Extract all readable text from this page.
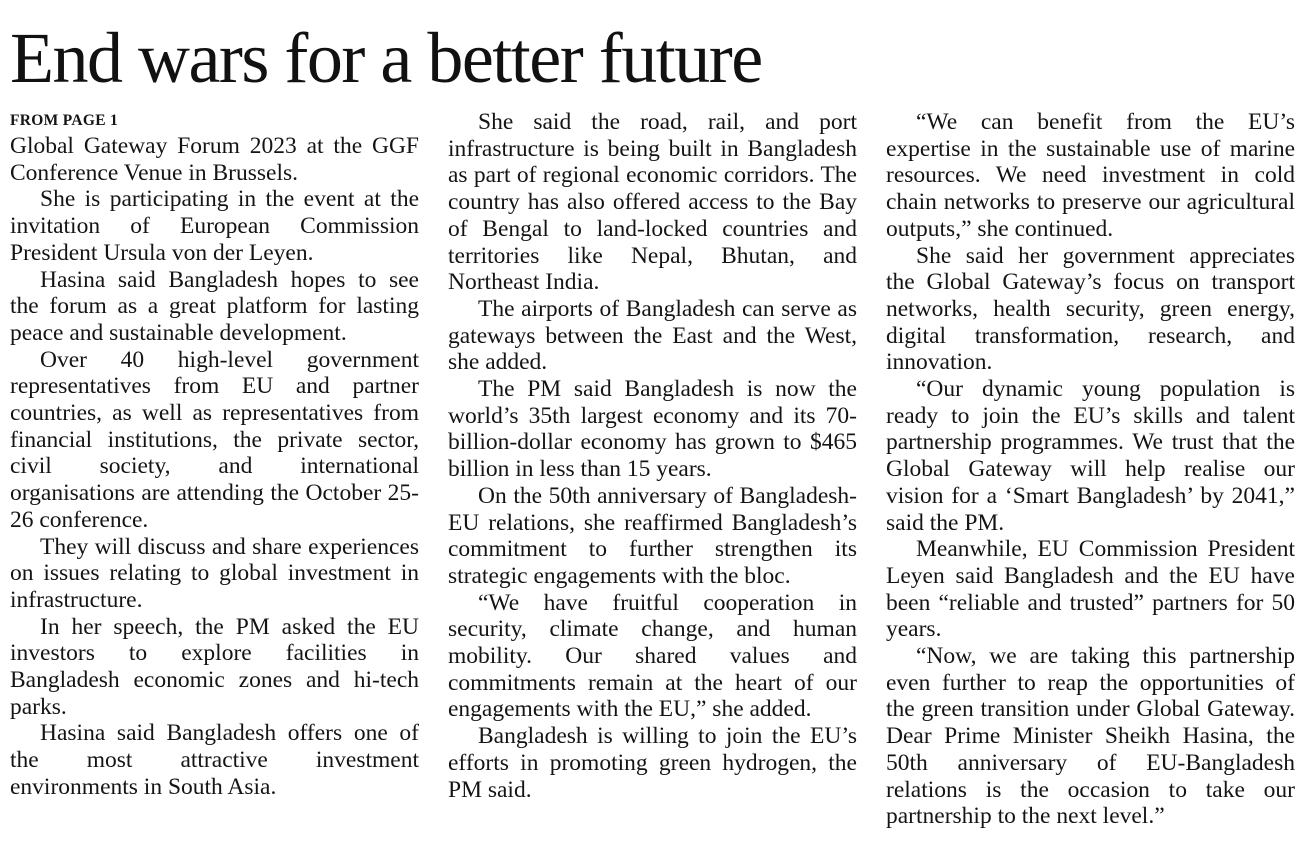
End wars for a better future
FROM PAGE 1

Global Gateway Forum 2023 at the GGF Conference Venue in Brussels.

She is participating in the event at the invitation of European Commission President Ursula von der Leyen.

Hasina said Bangladesh hopes to see the forum as a great platform for lasting peace and sustainable development.

Over 40 high-level government representatives from EU and partner countries, as well as representatives from financial institutions, the private sector, civil society, and international organisations are attending the October 25-26 conference.

They will discuss and share experiences on issues relating to global investment in infrastructure.

In her speech, the PM asked the EU investors to explore facilities in Bangladesh economic zones and hi-tech parks.

Hasina said Bangladesh offers one of the most attractive investment environments in South Asia.

She said the road, rail, and port infrastructure is being built in Bangladesh as part of regional economic corridors. The country has also offered access to the Bay of Bengal to land-locked countries and territories like Nepal, Bhutan, and Northeast India.

The airports of Bangladesh can serve as gateways between the East and the West, she added.

The PM said Bangladesh is now the world’s 35th largest economy and its 70-billion-dollar economy has grown to $465 billion in less than 15 years.

On the 50th anniversary of Bangladesh-EU relations, she reaffirmed Bangladesh’s commitment to further strengthen its strategic engagements with the bloc.

“We have fruitful cooperation in security, climate change, and human mobility. Our shared values and commitments remain at the heart of our engagements with the EU,” she added.

Bangladesh is willing to join the EU’s efforts in promoting green hydrogen, the PM said.

“We can benefit from the EU’s expertise in the sustainable use of marine resources. We need investment in cold chain networks to preserve our agricultural outputs,” she continued.

She said her government appreciates the Global Gateway’s focus on transport networks, health security, green energy, digital transformation, research, and innovation.

“Our dynamic young population is ready to join the EU’s skills and talent partnership programmes. We trust that the Global Gateway will help realise our vision for a ‘Smart Bangladesh’ by 2041,” said the PM.

Meanwhile, EU Commission President Leyen said Bangladesh and the EU have been “reliable and trusted” partners for 50 years.

“Now, we are taking this partnership even further to reap the opportunities of the green transition under Global Gateway. Dear Prime Minister Sheikh Hasina, the 50th anniversary of EU-Bangladesh relations is the occasion to take our partnership to the next level.”
